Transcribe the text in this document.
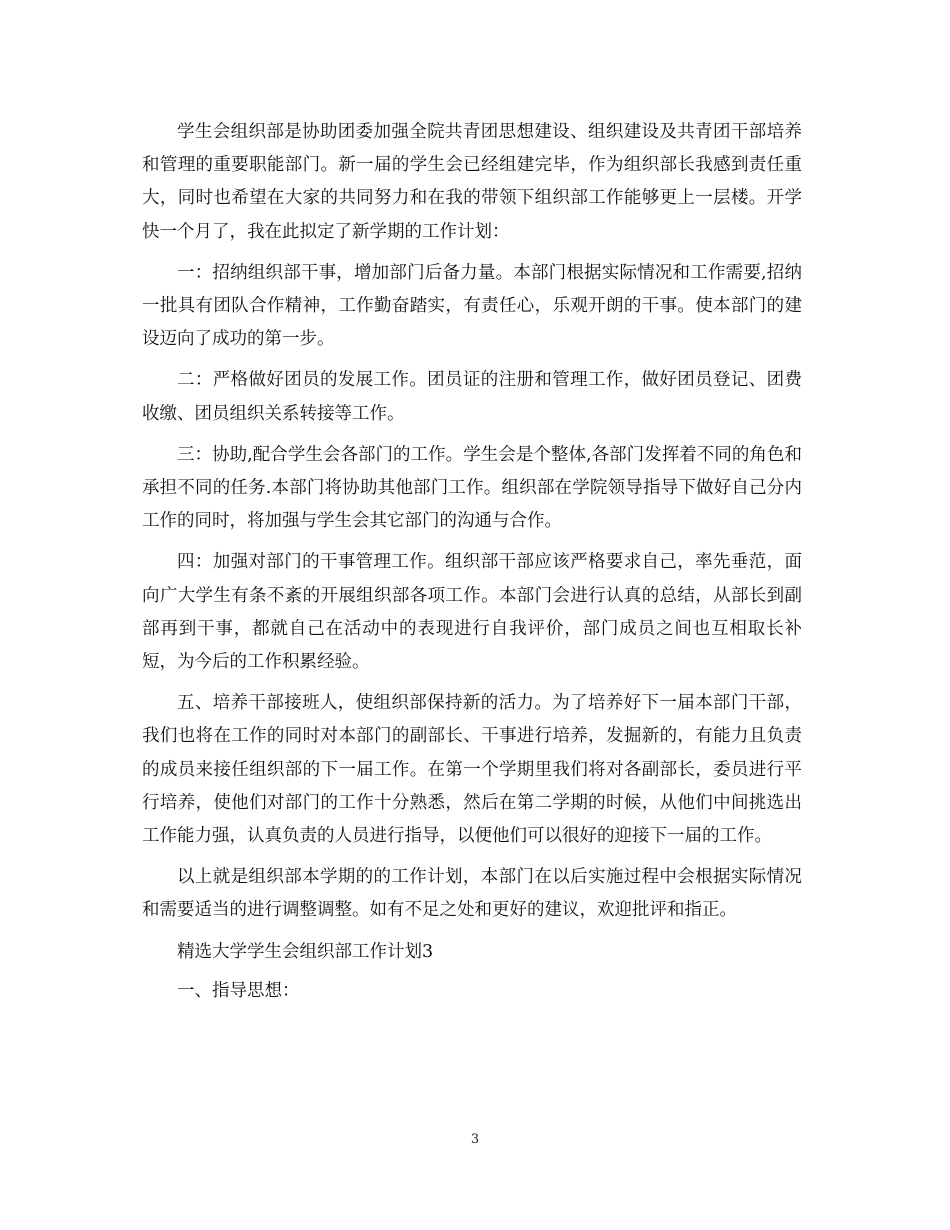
学生会组织部是协助团委加强全院共青团思想建设、组织建设及共青团干部培养和管理的重要职能部门。新一届的学生会已经组建完毕，作为组织部长我感到责任重大，同时也希望在大家的共同努力和在我的带领下组织部工作能够更上一层楼。开学快一个月了，我在此拟定了新学期的工作计划：

一：招纳组织部干事，增加部门后备力量。本部门根据实际情况和工作需要,招纳一批具有团队合作精神，工作勤奋踏实，有责任心，乐观开朗的干事。使本部门的建设迈向了成功的第一步。

二：严格做好团员的发展工作。团员证的注册和管理工作，做好团员登记、团费收缴、团员组织关系转接等工作。

三：协助,配合学生会各部门的工作。学生会是个整体,各部门发挥着不同的角色和承担不同的任务.本部门将协助其他部门工作。组织部在学院领导指导下做好自己分内工作的同时，将加强与学生会其它部门的沟通与合作。

四：加强对部门的干事管理工作。组织部干部应该严格要求自己，率先垂范，面向广大学生有条不紊的开展组织部各项工作。本部门会进行认真的总结，从部长到副部再到干事，都就自己在活动中的表现进行自我评价，部门成员之间也互相取长补短，为今后的工作积累经验。

五、培养干部接班人，使组织部保持新的活力。为了培养好下一届本部门干部，我们也将在工作的同时对本部门的副部长、干事进行培养，发掘新的，有能力且负责的成员来接任组织部的下一届工作。在第一个学期里我们将对各副部长，委员进行平行培养，使他们对部门的工作十分熟悉，然后在第二学期的时候，从他们中间挑选出工作能力强，认真负责的人员进行指导，以便他们可以很好的迎接下一届的工作。

以上就是组织部本学期的的工作计划，本部门在以后实施过程中会根据实际情况和需要适当的进行调整调整。如有不足之处和更好的建议，欢迎批评和指正。

精选大学学生会组织部工作计划3

一、指导思想：

3
